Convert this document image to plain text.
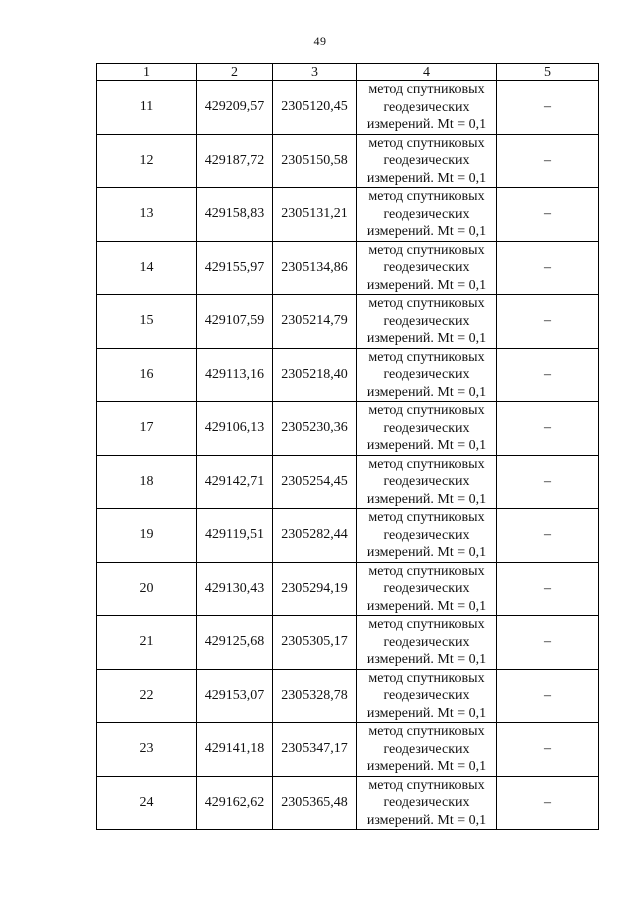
49
1	2	3	4	5
11	429209,57	2305120,45	метод спутниковых
геодезических
измерений. Mt = 0,1	–
12	429187,72	2305150,58	метод спутниковых
геодезических
измерений. Mt = 0,1	–
13	429158,83	2305131,21	метод спутниковых
геодезических
измерений. Mt = 0,1	–
14	429155,97	2305134,86	метод спутниковых
геодезических
измерений. Mt = 0,1	–
15	429107,59	2305214,79	метод спутниковых
геодезических
измерений. Mt = 0,1	–
16	429113,16	2305218,40	метод спутниковых
геодезических
измерений. Mt = 0,1	–
17	429106,13	2305230,36	метод спутниковых
геодезических
измерений. Mt = 0,1	–
18	429142,71	2305254,45	метод спутниковых
геодезических
измерений. Mt = 0,1	–
19	429119,51	2305282,44	метод спутниковых
геодезических
измерений. Mt = 0,1	–
20	429130,43	2305294,19	метод спутниковых
геодезических
измерений. Mt = 0,1	–
21	429125,68	2305305,17	метод спутниковых
геодезических
измерений. Mt = 0,1	–
22	429153,07	2305328,78	метод спутниковых
геодезических
измерений. Mt = 0,1	–
23	429141,18	2305347,17	метод спутниковых
геодезических
измерений. Mt = 0,1	–
24	429162,62	2305365,48	метод спутниковых
геодезических
измерений. Mt = 0,1	–
